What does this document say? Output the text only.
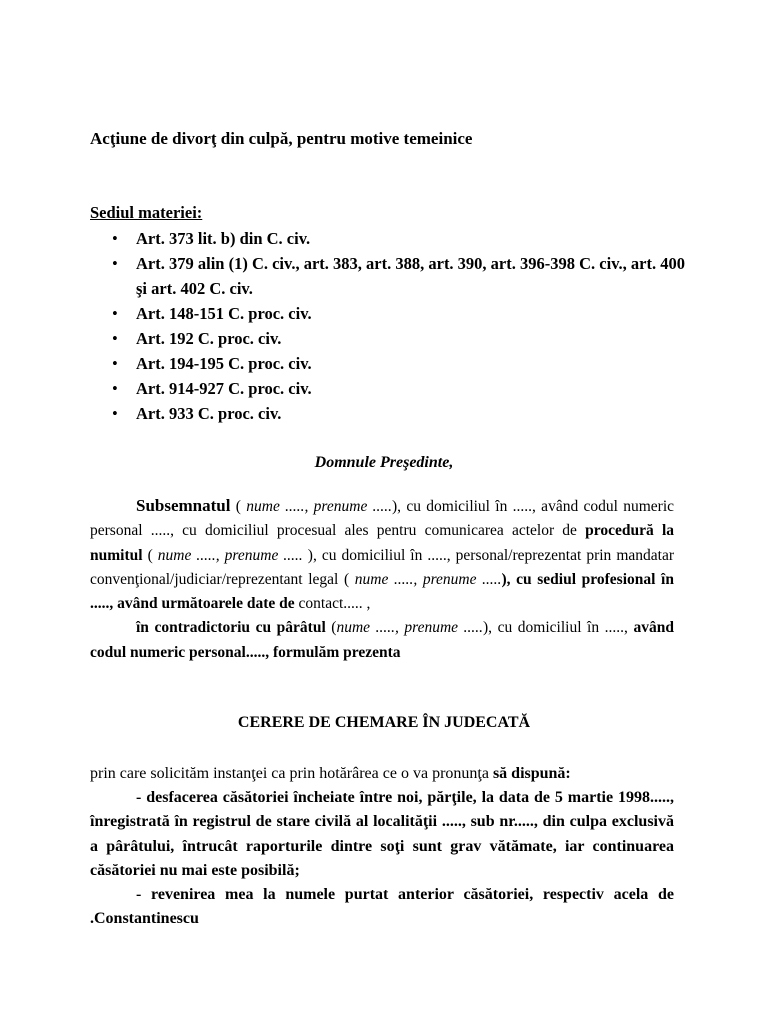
Acţiune de divorţ din culpă, pentru motive temeinice

Sediul materiei:

• Art. 373 lit. b) din C. civ.
• Art. 379 alin (1) C. civ., art. 383, art. 388, art. 390, art. 396-398 C. civ., art. 400 şi art. 402 C. civ.
• Art. 148-151 C. proc. civ.
• Art. 192 C. proc. civ.
• Art. 194-195 C. proc. civ.
• Art. 914-927 C. proc. civ.
• Art. 933 C. proc. civ.

Domnule Preşedinte,

Subsemnatul ( nume ....., prenume .....), cu domiciliul în ....., având codul numeric personal ....., cu domiciliul procesual ales pentru comunicarea actelor de procedură la numitul ( nume ....., prenume ..... ), cu domiciliul în ....., personal/reprezentat prin mandatar convenţional/judiciar/reprezentant legal ( nume ....., prenume .....), cu sediul profesional în ....., având următoarele date de contact..... ,
în contradictoriu cu pârâtul (nume ....., prenume .....), cu domiciliul în ....., având codul numeric personal....., formulăm prezenta

CERERE DE CHEMARE ÎN JUDECATĂ

prin care solicităm instanţei ca prin hotărârea ce o va pronunţa să dispună:
- desfacerea căsătoriei încheiate între noi, părţile, la data de 5 martie 1998....., înregistrată în registrul de stare civilă al localităţii ....., sub nr....., din culpa exclusivă a pârâtului, întrucât raporturile dintre soţi sunt grav vătămate, iar continuarea căsătoriei nu mai este posibilă;
- revenirea mea la numele purtat anterior căsătoriei, respectiv acela de .Constantinescu
